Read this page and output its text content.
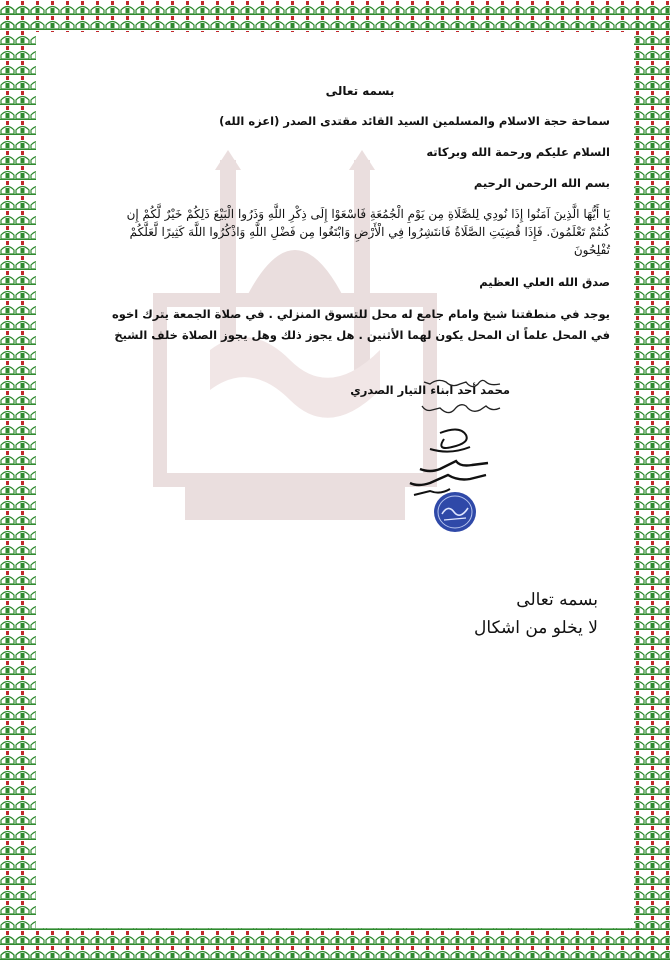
بسمه تعالى
سماحة حجة الاسلام والمسلمين السيد القائد مقتدى الصدر (اعزه الله)
السلام عليكم ورحمة الله وبركاته
بسم الله الرحمن الرحيم
يَا أَيُّهَا الَّذِينَ آمَنُوا إِذَا نُودِي لِلصَّلَاةِ مِن يَوْمِ الْجُمُعَةِ فَاسْعَوْا إِلَى ذِكْرِ اللَّهِ وَذَرُوا الْبَيْعَ ذَلِكُمْ خَيْرٌ لَّكُمْ إِن كُنتُمْ تَعْلَمُونَ. فَإِذَا قُضِيَتِ الصَّلَاةُ فَانتَشِرُوا فِي الْأَرْضِ وَابْتَغُوا مِن فَضْلِ اللَّهِ وَاذْكُرُوا اللَّهَ كَثِيرًا لَّعَلَّكُمْ تُفْلِحُونَ
صدق الله العلي العظيم
يوجد في منطقتنا شيخ وامام جامع له محل للتسوق المنزلي . في صلاة الجمعة يترك اخوه في المحل علماً ان المحل يكون لهما الأثنين . هل يجوز ذلك وهل يجوز الصلاة خلف الشيخ
محمد أحد ابناء التيار الصدري
بسمه تعالى
لا يخلو من اشكال
